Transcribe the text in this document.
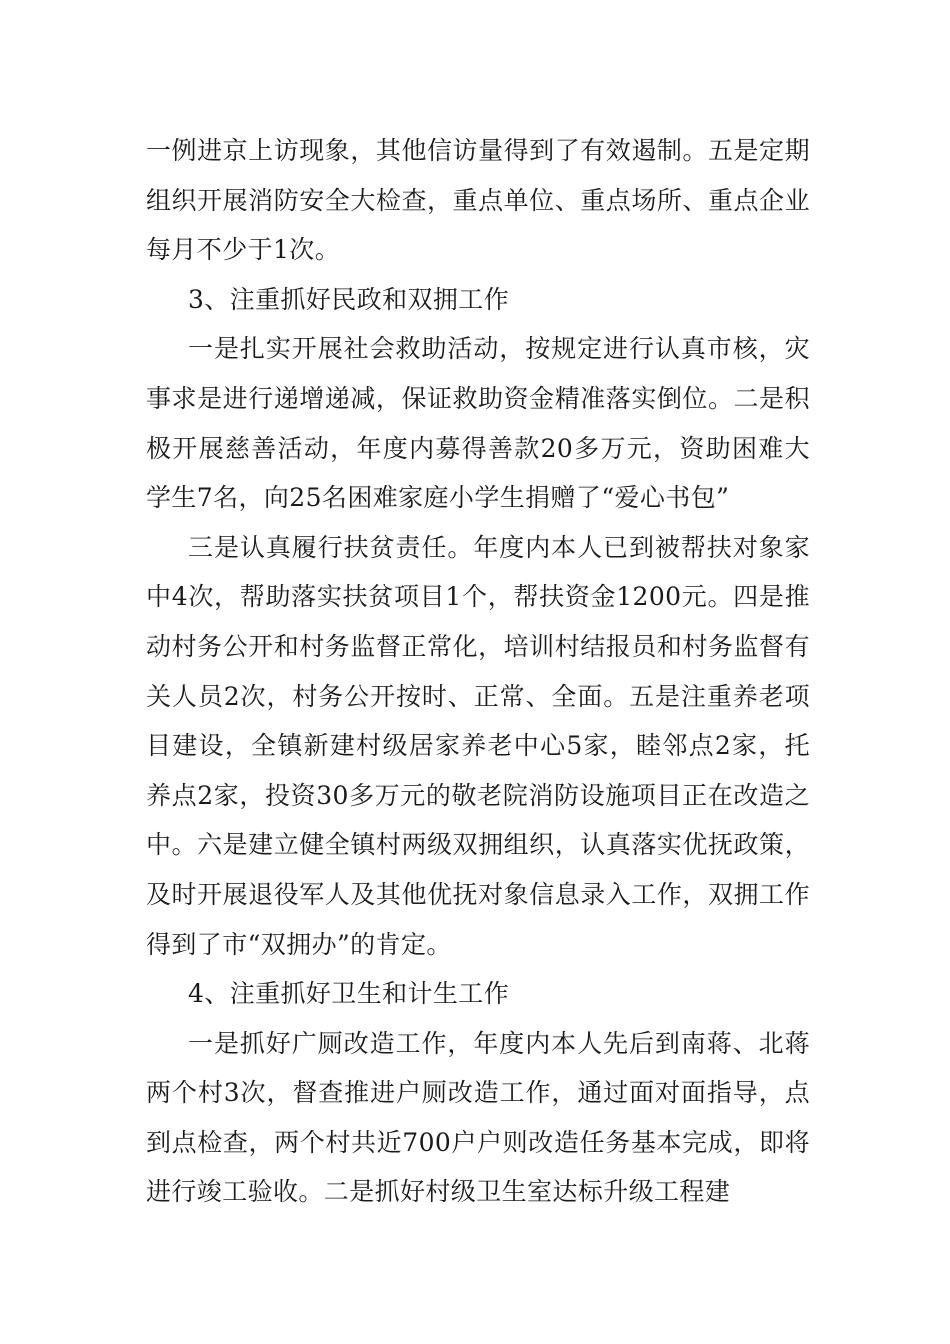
一例进京上访现象，其他信访量得到了有效遏制。五是定期组织开展消防安全大检查，重点单位、重点场所、重点企业每月不少于1次。

3、注重抓好民政和双拥工作

一是扎实开展社会救助活动，按规定进行认真市核，灾事求是进行递增递减，保证救助资金精准落实倒位。二是积极开展慈善活动，年度内募得善款20多万元，资助困难大学生7名，向25名困难家庭小学生捐赠了“爱心书包”

三是认真履行扶贫责任。年度内本人已到被帮扶对象家中4次，帮助落实扶贫项目1个，帮扶资金1200元。四是推动村务公开和村务监督正常化，培训村结报员和村务监督有关人员2次，村务公开按时、正常、全面。五是注重养老项目建设，全镇新建村级居家养老中心5家，睦邻点2家，托养点2家，投资30多万元的敬老院消防设施项目正在改造之中。六是建立健全镇村两级双拥组织，认真落实优抚政策，及时开展退役军人及其他优抚对象信息录入工作，双拥工作得到了市“双拥办”的肯定。

4、注重抓好卫生和计生工作

一是抓好广厕改造工作，年度内本人先后到南蒋、北蒋两个村3次，督查推进户厕改造工作，通过面对面指导，点到点检查，两个村共近700户户则改造任务基本完成，即将进行竣工验收。二是抓好村级卫生室达标升级工程建
